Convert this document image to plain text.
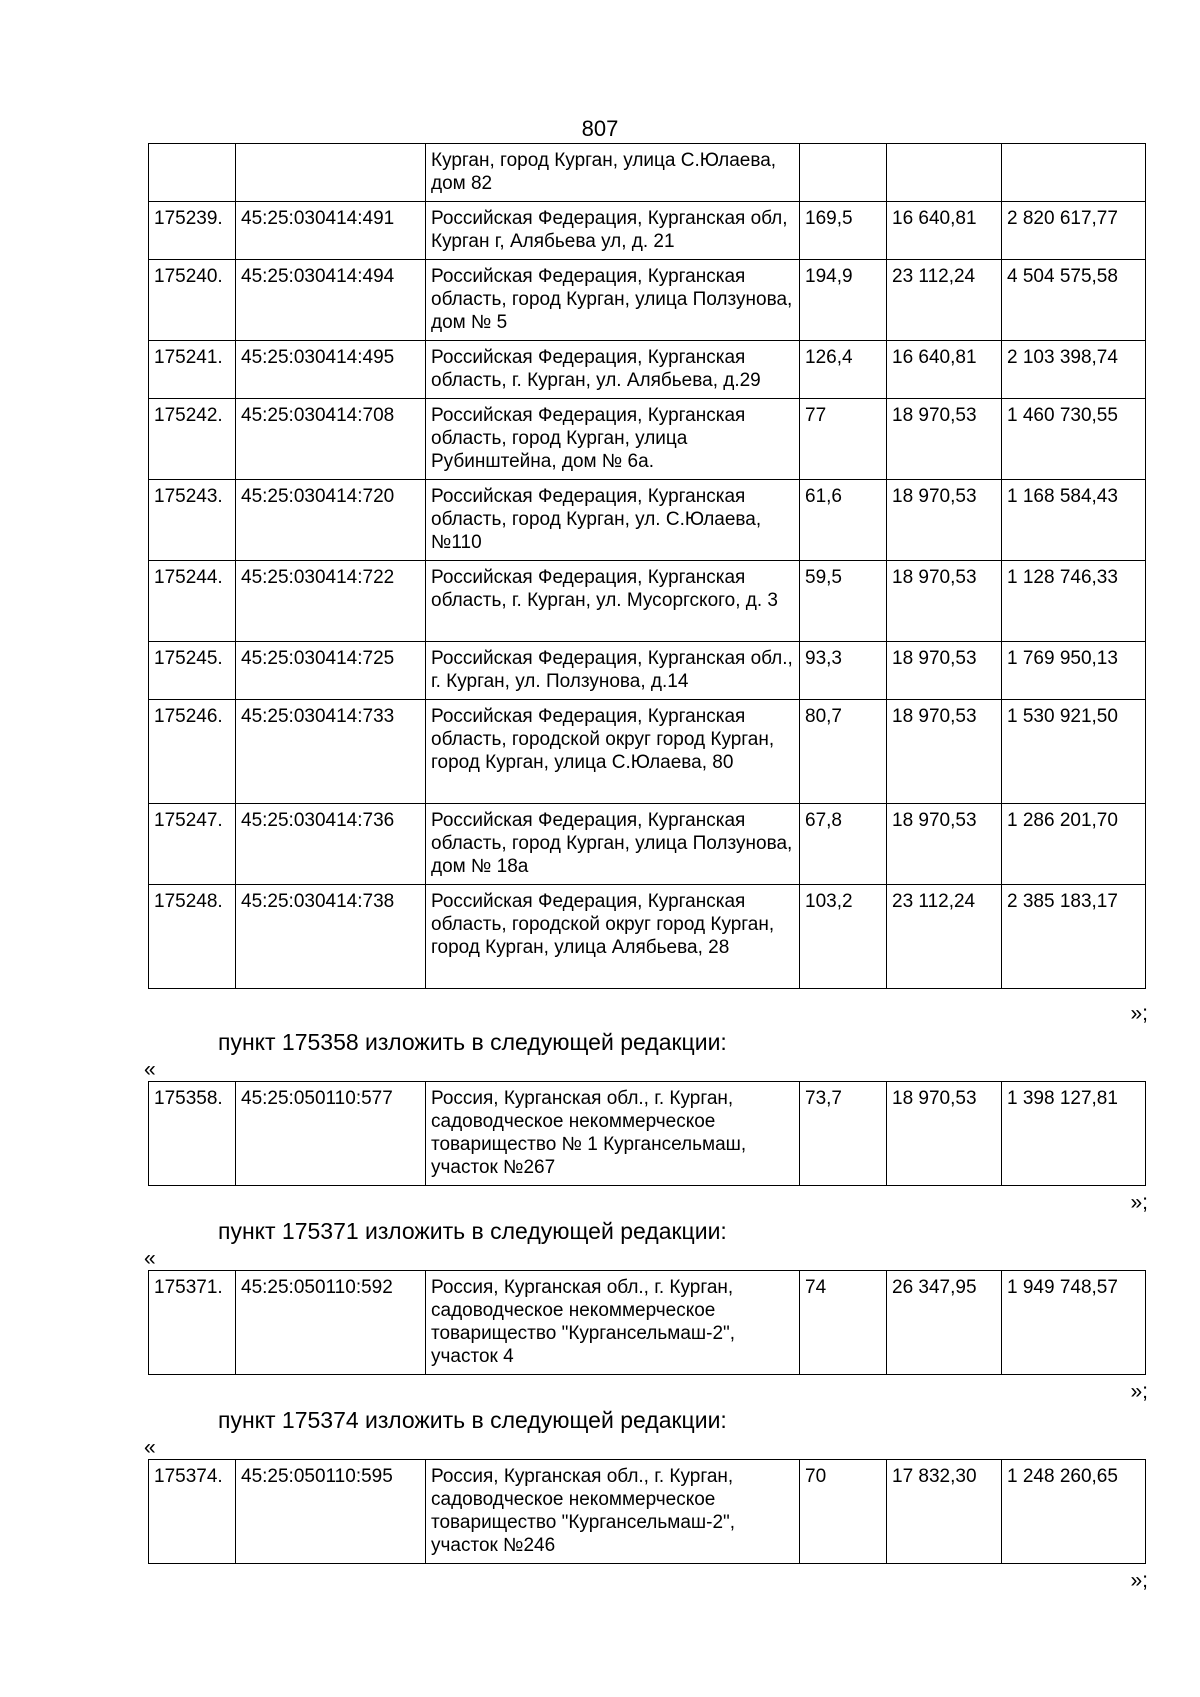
807
		Курган, город Курган, улица С.Юлаева, дом 82			
175239.	45:25:030414:491	Российская Федерация, Курганская обл, Курган г, Алябьева ул, д. 21	169,5	16 640,81	2 820 617,77
175240.	45:25:030414:494	Российская Федерация, Курганская область, город Курган, улица Ползунова, дом № 5	194,9	23 112,24	4 504 575,58
175241.	45:25:030414:495	Российская Федерация, Курганская область, г. Курган, ул. Алябьева, д.29	126,4	16 640,81	2 103 398,74
175242.	45:25:030414:708	Российская Федерация, Курганская область, город Курган, улица Рубинштейна, дом № 6а.	77	18 970,53	1 460 730,55
175243.	45:25:030414:720	Российская Федерация, Курганская область, город Курган, ул. С.Юлаева, №110	61,6	18 970,53	1 168 584,43
175244.	45:25:030414:722	Российская Федерация, Курганская область, г. Курган, ул. Мусоргского, д. 3	59,5	18 970,53	1 128 746,33
175245.	45:25:030414:725	Российская Федерация, Курганская обл., г. Курган, ул. Ползунова, д.14	93,3	18 970,53	1 769 950,13
175246.	45:25:030414:733	Российская Федерация, Курганская область, городской округ город Курган, город Курган, улица С.Юлаева, 80	80,7	18 970,53	1 530 921,50
175247.	45:25:030414:736	Российская Федерация, Курганская область, город Курган, улица Ползунова, дом № 18а	67,8	18 970,53	1 286 201,70
175248.	45:25:030414:738	Российская Федерация, Курганская область, городской округ город Курган, город Курган, улица Алябьева, 28	103,2	23 112,24	2 385 183,17
»;
пункт 175358 изложить в следующей редакции:
«
175358.	45:25:050110:577	Россия, Курганская обл., г. Курган, садоводческое некоммерческое товарищество № 1 Кургансельмаш, участок №267	73,7	18 970,53	1 398 127,81
»;
пункт 175371 изложить в следующей редакции:
«
175371.	45:25:050110:592	Россия, Курганская обл., г. Курган, садоводческое некоммерческое товарищество "Кургансельмаш-2", участок 4	74	26 347,95	1 949 748,57
»;
пункт 175374 изложить в следующей редакции:
«
175374.	45:25:050110:595	Россия, Курганская обл., г. Курган, садоводческое некоммерческое товарищество "Кургансельмаш-2", участок №246	70	17 832,30	1 248 260,65
»;
